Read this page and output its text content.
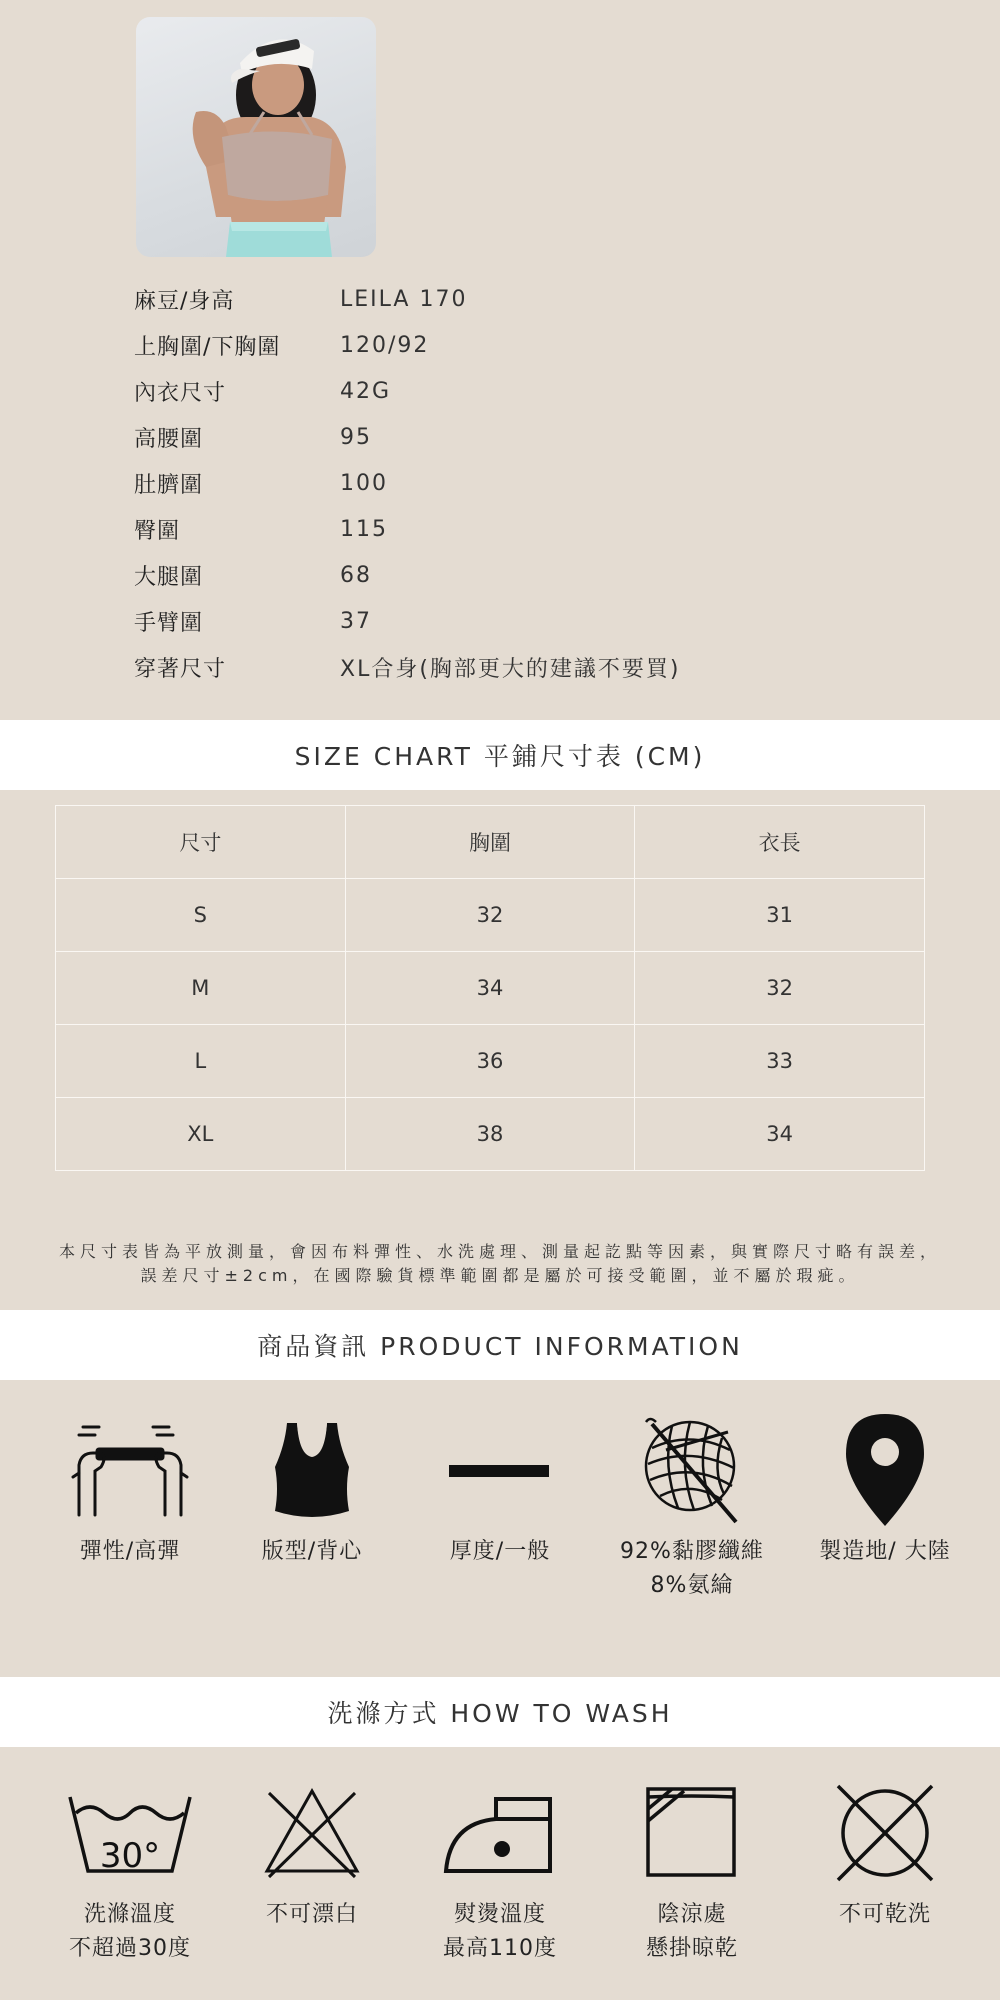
麻豆/身高	LEILA 170
上胸圍/下胸圍	120/92
內衣尺寸	42G
高腰圍	95
肚臍圍	100
臀圍	115
大腿圍	68
手臂圍	37
穿著尺寸	XL合身(胸部更大的建議不要買)
SIZE CHART 平鋪尺寸表 (CM)
尺寸	胸圍	衣長
S	32	31
M	34	32
L	36	33
XL	38	34
本尺寸表皆為平放測量，會因布料彈性、水洗處理、測量起訖點等因素，與實際尺寸略有誤差，
誤差尺寸±2cm，在國際驗貨標準範圍都是屬於可接受範圍，並不屬於瑕疵。
商品資訊 PRODUCT INFORMATION
彈性/高彈	版型/背心	厚度/一般	92%黏膠纖維
8%氨綸
製造地/ 大陸
洗滌方式 HOW TO WASH
30°
洗滌溫度
不超過30度
不可漂白	熨燙溫度
最高110度
陰涼處
懸掛晾乾
不可乾洗
